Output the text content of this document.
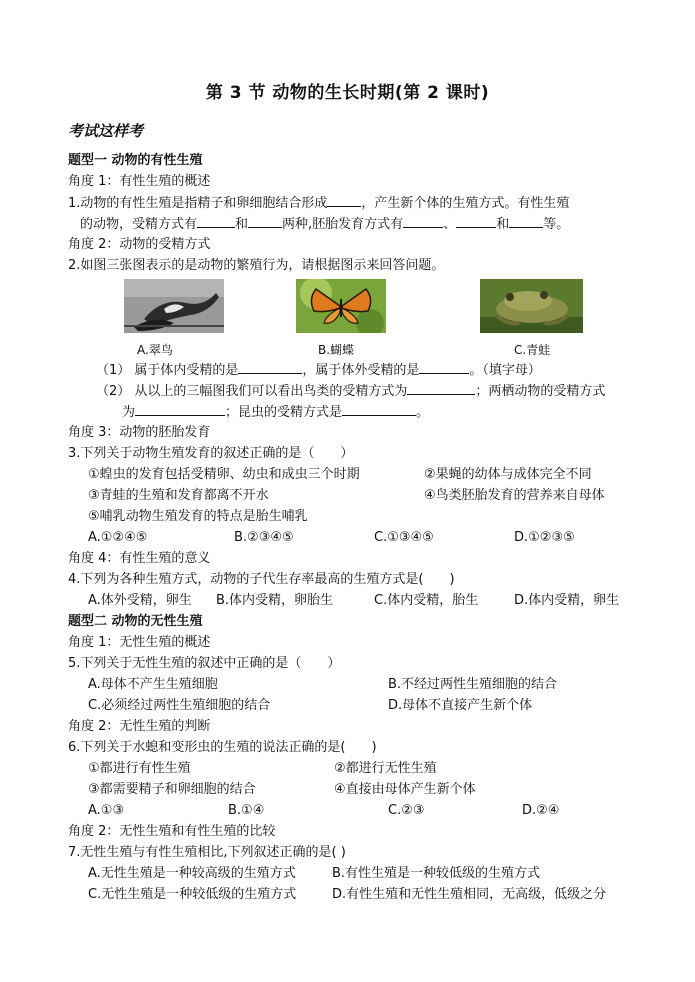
第 3 节 动物的生长时期(第 2 课时)
考试这样考
题型一 动物的有性生殖
角度 1：有性生殖的概述
1.动物的有性生殖是指精子和卵细胞结合形成	，产生新个体的生殖方式。有性生殖
的动物，受精方式有	和	两种,胚胎发育方式有	、	和	等。
角度 2：动物的受精方式
2.如图三张图表示的是动物的繁殖行为，请根据图示来回答问题。
A.翠鸟	B.蝴蝶	C.青蛙
（1） 属于体内受精的是	，属于体外受精的是	。（填字母）
（2） 从以上的三幅图我们可以看出鸟类的受精方式为	；两栖动物的受精方式
为	；昆虫的受精方式是	。
角度 3：动物的胚胎发育
3.下列关于动物生殖发育的叙述正确的是（　　）
①蝗虫的发育包括受精卵、幼虫和成虫三个时期	②果蝇的幼体与成体完全不同
③青蛙的生殖和发育都离不开水	④鸟类胚胎发育的营养来自母体
⑤哺乳动物生殖发育的特点是胎生哺乳
A.①②④⑤	B.②③④⑤	C.①③④⑤	D.①②③⑤
角度 4：有性生殖的意义
4.下列为各种生殖方式，动物的子代生存率最高的生殖方式是(　　)
A.体外受精，卵生 B.体内受精，卵胎生	C.体内受精，胎生	D.体内受精，卵生
题型二 动物的无性生殖
角度 1：无性生殖的概述
5.下列关于无性生殖的叙述中正确的是（　　）
A.母体不产生生殖细胞	B.不经过两性生殖细胞的结合
C.必须经过两性生殖细胞的结合	D.母体不直接产生新个体
角度 2：无性生殖的判断
6.下列关于水螅和变形虫的生殖的说法正确的是(　　)
①都进行有性生殖	②都进行无性生殖
③都需要精子和卵细胞的结合	④直接由母体产生新个体
A.①③	B.①④	C.②③	D.②④
角度 2：无性生殖和有性生殖的比较
7.无性生殖与有性生殖相比,下列叙述正确的是( )
A.无性生殖是一种较高级的生殖方式	B.有性生殖是一种较低级的生殖方式
C.无性生殖是一种较低级的生殖方式	D.有性生殖和无性生殖相同，无高级，低级之分
